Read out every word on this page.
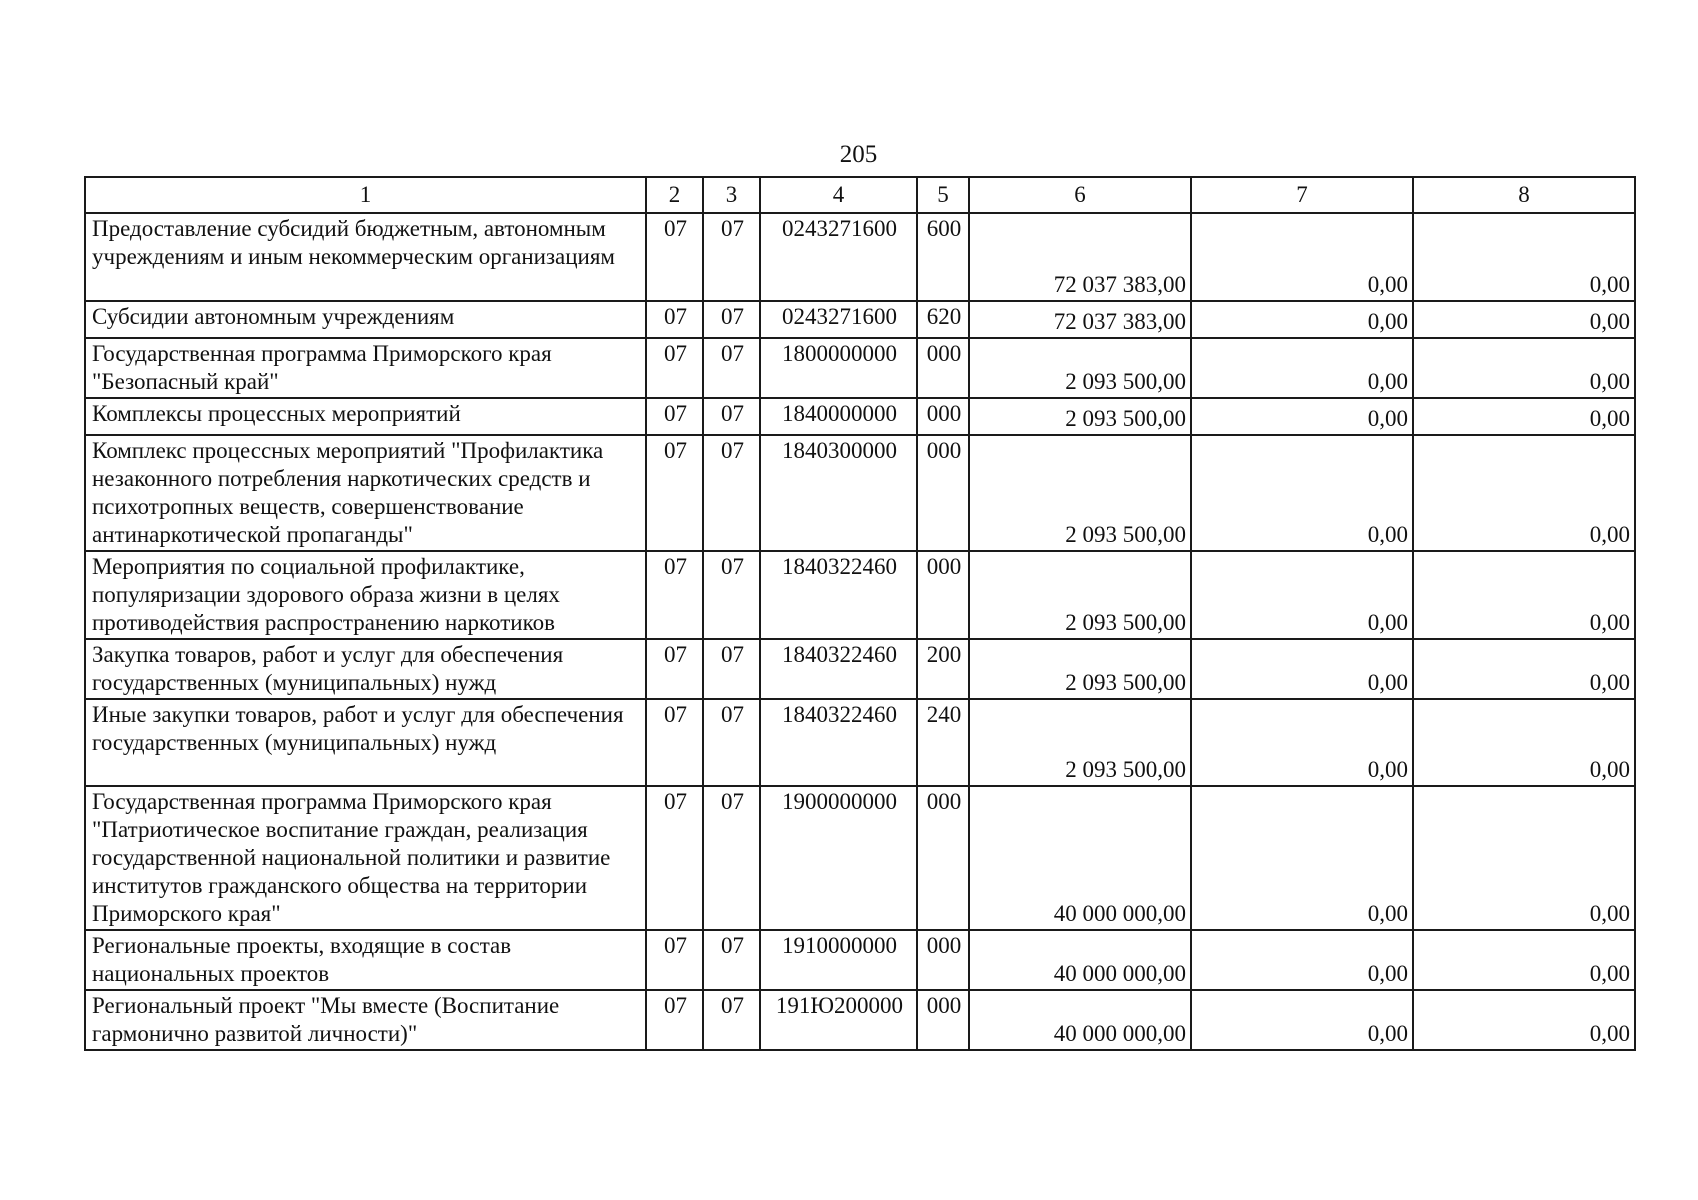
205
1	2	3	4	5	6	7	8
Предоставление субсидий бюджетным, автономным учреждениям и иным некоммерческим организациям	07	07	0243271600	600	72 037 383,00	0,00	0,00
Субсидии автономным учреждениям	07	07	0243271600	620	72 037 383,00	0,00	0,00
Государственная программа Приморского края "Безопасный край"	07	07	1800000000	000	2 093 500,00	0,00	0,00
Комплексы процессных мероприятий	07	07	1840000000	000	2 093 500,00	0,00	0,00
Комплекс процессных мероприятий "Профилактика незаконного потребления наркотических средств и психотропных веществ, совершенствование антинаркотической пропаганды"	07	07	1840300000	000	2 093 500,00	0,00	0,00
Мероприятия по социальной профилактике, популяризации здорового образа жизни в целях противодействия распространению наркотиков	07	07	1840322460	000	2 093 500,00	0,00	0,00
Закупка товаров, работ и услуг для обеспечения государственных (муниципальных) нужд	07	07	1840322460	200	2 093 500,00	0,00	0,00
Иные закупки товаров, работ и услуг для обеспечения государственных (муниципальных) нужд	07	07	1840322460	240	2 093 500,00	0,00	0,00
Государственная программа Приморского края "Патриотическое воспитание граждан, реализация государственной национальной политики и развитие институтов гражданского общества на территории Приморского края"	07	07	1900000000	000	40 000 000,00	0,00	0,00
Региональные проекты, входящие в состав национальных проектов	07	07	1910000000	000	40 000 000,00	0,00	0,00
Региональный проект "Мы вместе (Воспитание гармонично развитой личности)"	07	07	191Ю200000	000	40 000 000,00	0,00	0,00
